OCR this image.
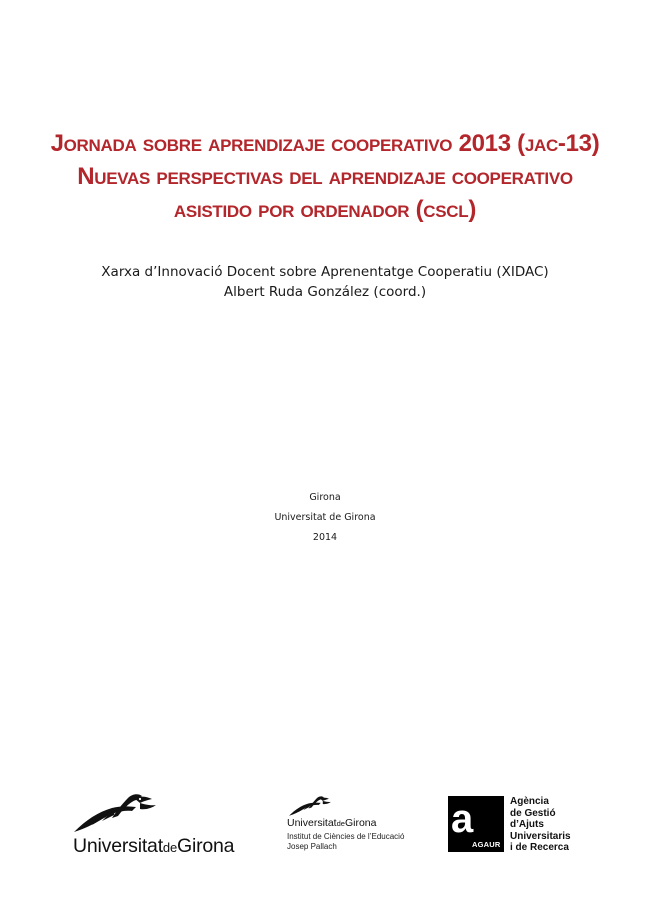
Jornada sobre aprendizaje cooperativo 2013 (jac-13)
Nuevas perspectivas del aprendizaje cooperativo
asistido por ordenador (cscl)
Xarxa d’Innovació Docent sobre Aprenentatge Cooperatiu (XIDAC)
Albert Ruda González (coord.)
Girona
Universitat de Girona
2014
UniversitatdeGirona
UniversitatdeGirona
Institut de Ciències de l’Educació
Josep Pallach
a
AGAUR
Agència
de Gestió
d’Ajuts
Universitaris
i de Recerca
